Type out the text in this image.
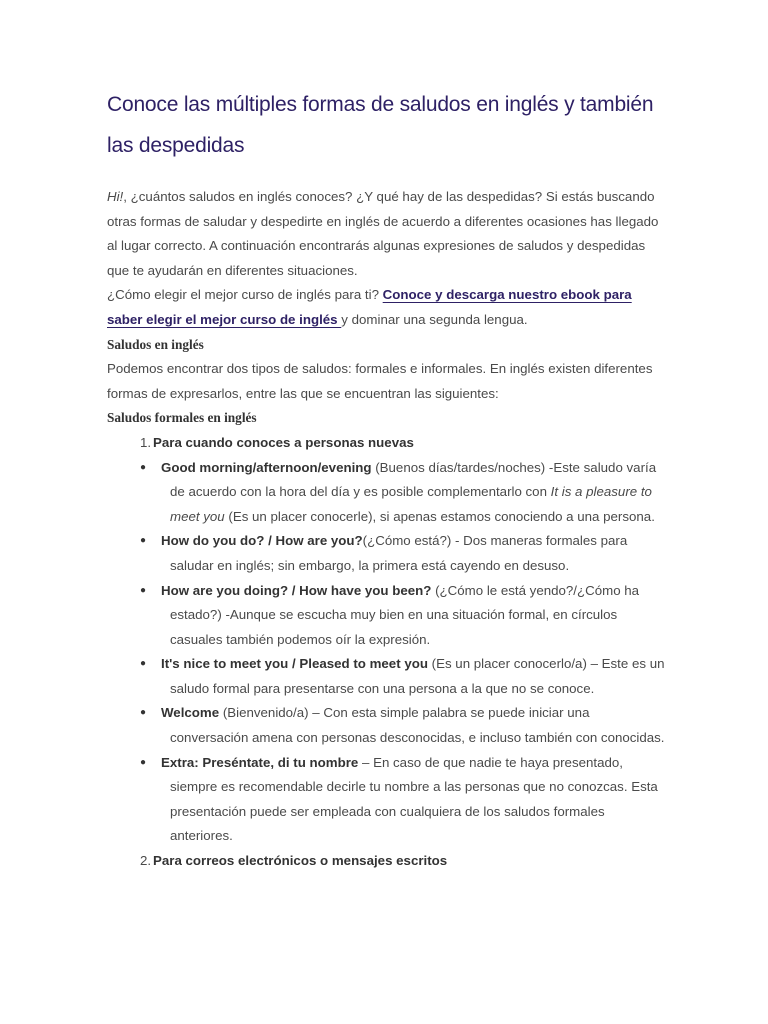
Conoce las múltiples formas de saludos en inglés y también las despedidas

Hi!, ¿cuántos saludos en inglés conoces? ¿Y qué hay de las despedidas? Si estás buscando otras formas de saludar y despedirte en inglés de acuerdo a diferentes ocasiones has llegado al lugar correcto. A continuación encontrarás algunas expresiones de saludos y despedidas que te ayudarán en diferentes situaciones.

¿Cómo elegir el mejor curso de inglés para ti? Conoce y descarga nuestro ebook para saber elegir el mejor curso de inglés y dominar una segunda lengua.

Saludos en inglés

Podemos encontrar dos tipos de saludos: formales e informales. En inglés existen diferentes formas de expresarlos, entre las que se encuentran las siguientes:

Saludos formales en inglés
1. Para cuando conoces a personas nuevas
● Good morning/afternoon/evening (Buenos días/tardes/noches) -Este saludo varía de acuerdo con la hora del día y es posible complementarlo con It is a pleasure to meet you (Es un placer conocerle), si apenas estamos conociendo a una persona.
● How do you do? / How are you?(¿Cómo está?) - Dos maneras formales para saludar en inglés; sin embargo, la primera está cayendo en desuso.
● How are you doing? / How have you been? (¿Cómo le está yendo?/¿Cómo ha estado?) -Aunque se escucha muy bien en una situación formal, en círculos casuales también podemos oír la expresión.
● It's nice to meet you / Pleased to meet you (Es un placer conocerlo/a) – Este es un saludo formal para presentarse con una persona a la que no se conoce.
● Welcome (Bienvenido/a) – Con esta simple palabra se puede iniciar una conversación amena con personas desconocidas, e incluso también con conocidas.
● Extra: Preséntate, di tu nombre – En caso de que nadie te haya presentado, siempre es recomendable decirle tu nombre a las personas que no conozcas. Esta presentación puede ser empleada con cualquiera de los saludos formales anteriores.
2. Para correos electrónicos o mensajes escritos
